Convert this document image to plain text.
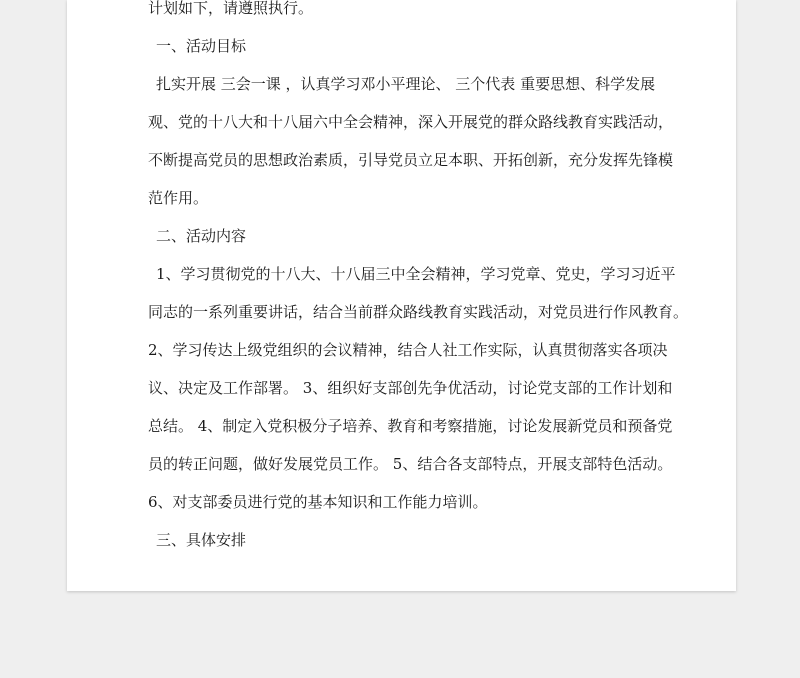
计划如下，请遵照执行。
一、活动目标
扎实开展 三会一课 ，认真学习邓小平理论、 三个代表 重要思想、科学发展
观、党的十八大和十八届六中全会精神，深入开展党的群众路线教育实践活动，
不断提高党员的思想政治素质，引导党员立足本职、开拓创新，充分发挥先锋模
范作用。
二、活动内容
1、学习贯彻党的十八大、十八届三中全会精神，学习党章、党史，学习习近平
同志的一系列重要讲话，结合当前群众路线教育实践活动，对党员进行作风教育。
2、学习传达上级党组织的会议精神，结合人社工作实际，认真贯彻落实各项决
议、决定及工作部署。 3、组织好支部创先争优活动，讨论党支部的工作计划和
总结。 4、制定入党积极分子培养、教育和考察措施，讨论发展新党员和预备党
员的转正问题，做好发展党员工作。 5、结合各支部特点，开展支部特色活动。
6、对支部委员进行党的基本知识和工作能力培训。
三、具体安排
